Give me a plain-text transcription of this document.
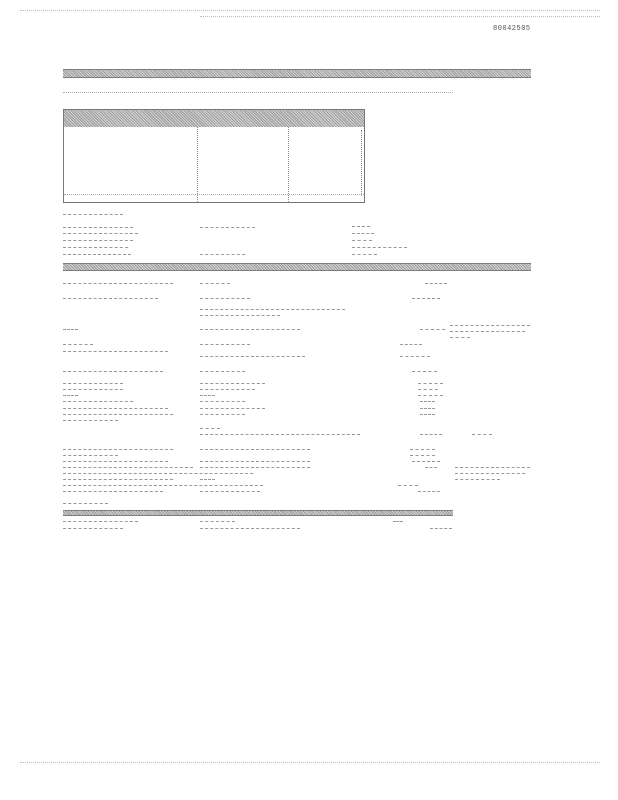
80042505
